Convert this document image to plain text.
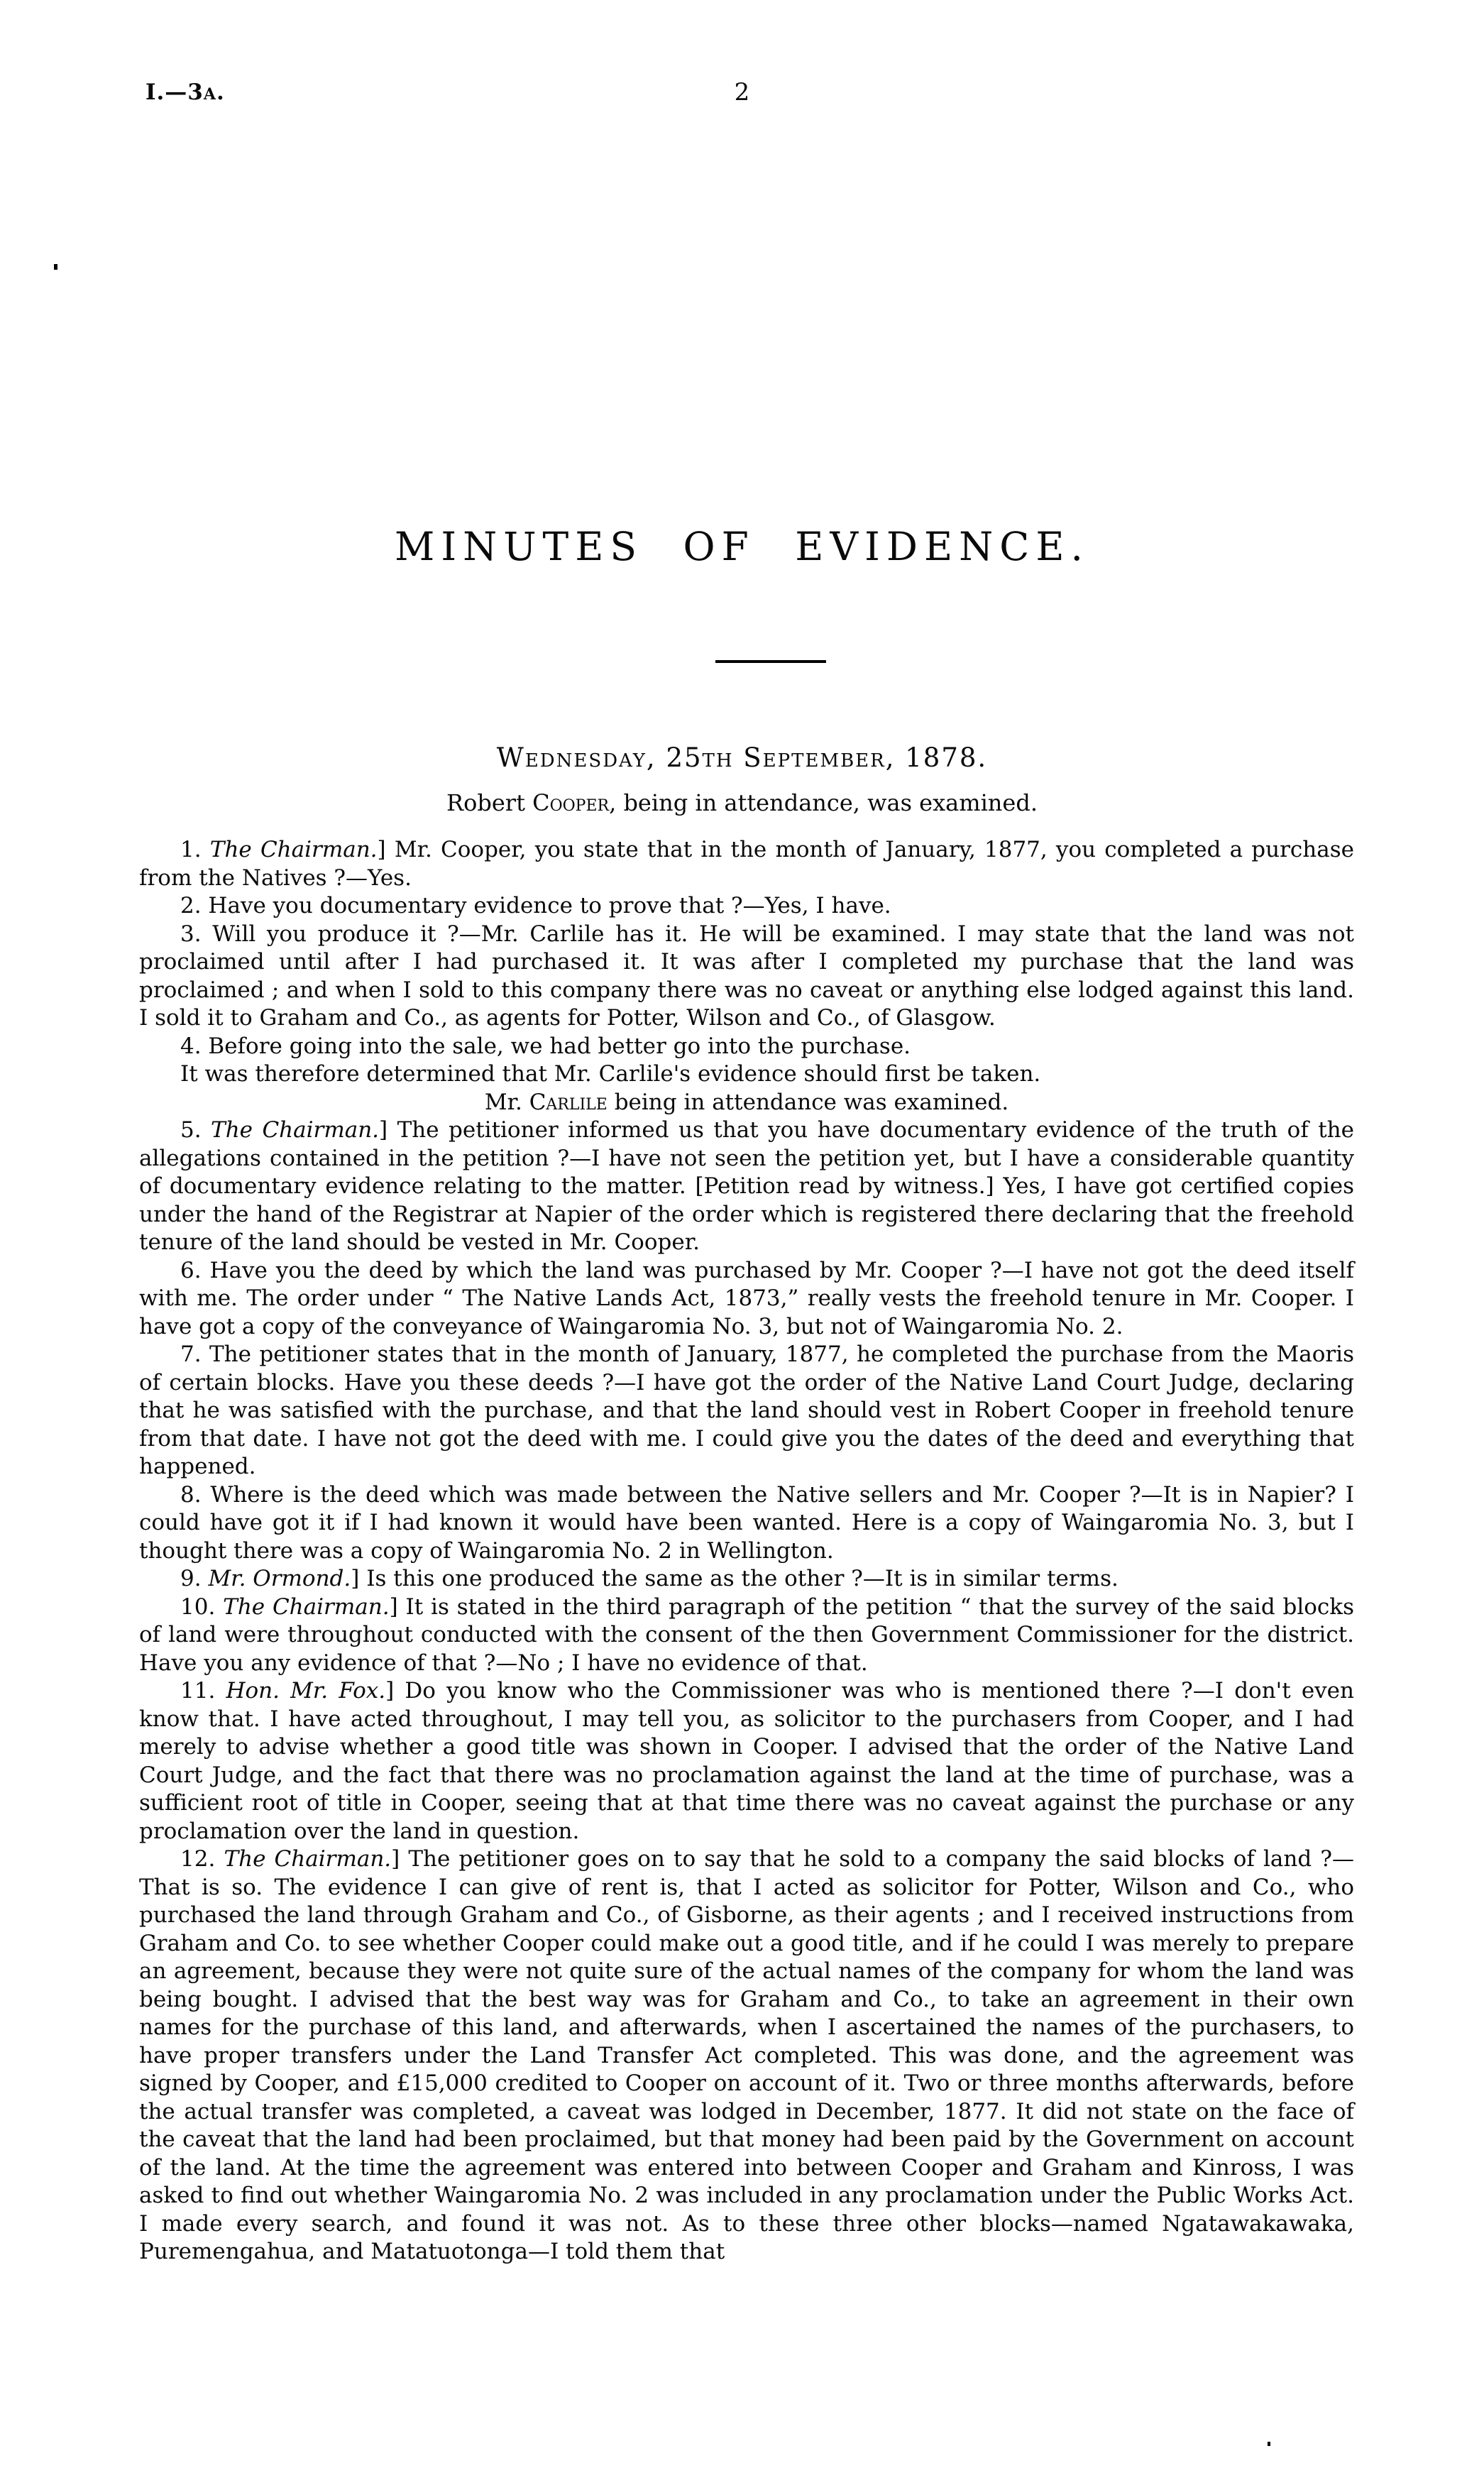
I.—3a.	2
MINUTES OF EVIDENCE.
Wednesday, 25th September, 1878.
Robert Cooper, being in attendance, was examined.

1. The Chairman.] Mr. Cooper, you state that in the month of January, 1877, you completed a purchase from the Natives ?—Yes.

2. Have you documentary evidence to prove that ?—Yes, I have.

3. Will you produce it ?—Mr. Carlile has it. He will be examined. I may state that the land was not proclaimed until after I had purchased it. It was after I completed my purchase that the land was proclaimed ; and when I sold to this company there was no caveat or anything else lodged against this land. I sold it to Graham and Co., as agents for Potter, Wilson and Co., of Glasgow.

4. Before going into the sale, we had better go into the purchase.

It was therefore determined that Mr. Carlile's evidence should first be taken.

Mr. Carlile being in attendance was examined.

5. The Chairman.] The petitioner informed us that you have documentary evidence of the truth of the allegations contained in the petition ?—I have not seen the petition yet, but I have a considerable quantity of documentary evidence relating to the matter. [Petition read by witness.] Yes, I have got certified copies under the hand of the Registrar at Napier of the order which is registered there declaring that the freehold tenure of the land should be vested in Mr. Cooper.

6. Have you the deed by which the land was purchased by Mr. Cooper ?—I have not got the deed itself with me. The order under “ The Native Lands Act, 1873,” really vests the freehold tenure in Mr. Cooper. I have got a copy of the conveyance of Waingaromia No. 3, but not of Waingaromia No. 2.

7. The petitioner states that in the month of January, 1877, he completed the purchase from the Maoris of certain blocks. Have you these deeds ?—I have got the order of the Native Land Court Judge, declaring that he was satisfied with the purchase, and that the land should vest in Robert Cooper in freehold tenure from that date. I have not got the deed with me. I could give you the dates of the deed and everything that happened.

8. Where is the deed which was made between the Native sellers and Mr. Cooper ?—It is in Napier? I could have got it if I had known it would have been wanted. Here is a copy of Waingaromia No. 3, but I thought there was a copy of Waingaromia No. 2 in Wellington.

9. Mr. Ormond.] Is this one produced the same as the other ?—It is in similar terms.

10. The Chairman.] It is stated in the third paragraph of the petition “ that the survey of the said blocks of land were throughout conducted with the consent of the then Government Commissioner for the district. Have you any evidence of that ?—No ; I have no evidence of that.

11. Hon. Mr. Fox.] Do you know who the Commissioner was who is mentioned there ?—I don't even know that. I have acted throughout, I may tell you, as solicitor to the purchasers from Cooper, and I had merely to advise whether a good title was shown in Cooper. I advised that the order of the Native Land Court Judge, and the fact that there was no proclamation against the land at the time of purchase, was a sufficient root of title in Cooper, seeing that at that time there was no caveat against the purchase or any proclamation over the land in question.

12. The Chairman.] The petitioner goes on to say that he sold to a company the said blocks of land ?—That is so. The evidence I can give of rent is, that I acted as solicitor for Potter, Wilson and Co., who purchased the land through Graham and Co., of Gisborne, as their agents ; and I received instructions from Graham and Co. to see whether Cooper could make out a good title, and if he could I was merely to prepare an agreement, because they were not quite sure of the actual names of the company for whom the land was being bought. I advised that the best way was for Graham and Co., to take an agreement in their own names for the purchase of this land, and afterwards, when I ascertained the names of the purchasers, to have proper transfers under the Land Transfer Act completed. This was done, and the agreement was signed by Cooper, and £15,000 credited to Cooper on account of it. Two or three months afterwards, before the actual transfer was completed, a caveat was lodged in December, 1877. It did not state on the face of the caveat that the land had been proclaimed, but that money had been paid by the Government on account of the land. At the time the agreement was entered into between Cooper and Graham and Kinross, I was asked to find out whether Waingaromia No. 2 was included in any proclamation under the Public Works Act. I made every search, and found it was not. As to these three other blocks—named Ngatawakawaka, Puremengahua, and Matatuotonga—I told them that
